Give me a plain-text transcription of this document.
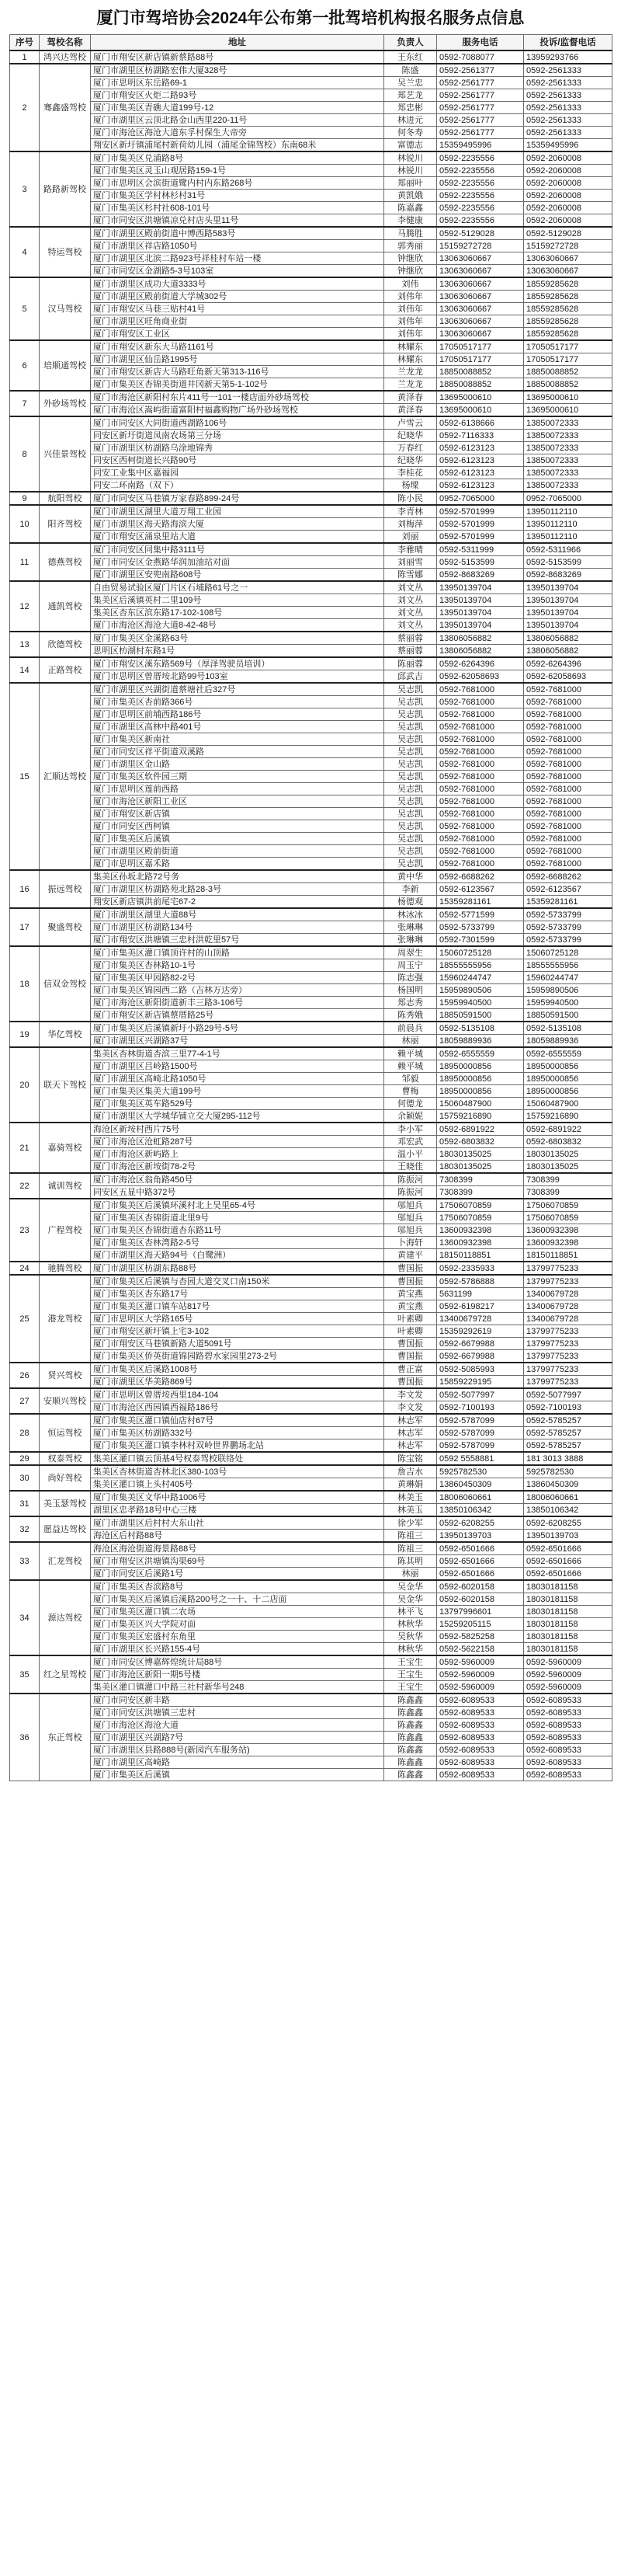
厦门市驾培协会2024年公布第一批驾培机构报名服务点信息
序号	驾校名称	地址	负责人	服务电话	投诉/监督电话
1	鸿兴达驾校	厦门市翔安区新店镇新蔡路88号	王东红	0592-7088077	13959293766
2	骞鑫盛驾校	厦门市湖里区枋湖路宏伟大厦328号	陈盛	0592-2561377	0592-2561333
		厦门市思明区东岳路69-1	吴兰忠	0592-2561777	0592-2561333
		厦门市翔安区火炬二路93号	郑艺龙	0592-2561777	0592-2561333
		厦门市集美区青礁大道199号-12	郑忠彬	0592-2561777	0592-2561333
		厦门市湖里区云顶北路金山西里220-11号	林进元	0592-2561777	0592-2561333
		厦门市海沧区海沧大道东孚村保生大帝旁	何冬寿	0592-2561777	0592-2561333
		翔安区新圩镇浦尾村新荷幼儿园（浦尾金锦驾校）东南68米	富德志	15359495996	15359495996
3	路路新驾校	厦门市集美区兑浦路8号	林锐川	0592-2235556	0592-2060008
		厦门市集美区灵玉山观居路159-1号	林锐川	0592-2235556	0592-2060008
		厦门市思明区会滨街道鹭内村内东路268号	郑丽叶	0592-2235556	0592-2060008
		厦门市集美区学村林杉村31号	黄凯娥	0592-2235556	0592-2060008
		厦门市集美区杉村社608-101号	陈嘉鑫	0592-2235556	0592-2060008
		厦门市同安区洪塘镇凉兑村店头里11号	李健康	0592-2235556	0592-2060008
4	特运驾校	厦门市湖里区殿前街道中博西路583号	马腾胜	0592-5129028	0592-5129028
		厦门市湖里区祥店路1050号	郭秀丽	15159272728	15159272728
		厦门市湖里区北滨二路923号祥桂村车站一楼	钟继欣	13063060667	13063060667
		厦门市同安区金湖路5-3号103室	钟继欣	13063060667	13063060667
5	汉马驾校	厦门市湖里区成功大道3333号	刘伟	13063060667	18559285628
		厦门市湖里区殿前街道大学城302号	刘伟年	13063060667	18559285628
		厦门市翔安区马巷三贴村41号	刘伟年	13063060667	18559285628
		厦门市湖里区旺角商业街	刘伟年	13063060667	18559285628
		厦门市翔安区工业区	刘伟年	13063060667	18559285628
6	培顺通驾校	厦门市翔安区新东大马路1161号	林耀东	17050517177	17050517177
		厦门市湖里区仙岳路1995号	林耀东	17050517177	17050517177
		厦门市翔安区新店大马路旺角新天第313-116号	兰龙龙	18850088852	18850088852
		厦门市集美区杏锦美街道井冈新天第5-1-102号	兰龙龙	18850088852	18850088852
7	外砂场驾校	厦门市海沧区新阳村东片411号一101一楼店面外砂场驾校	黄泽春	13695000610	13695000610
		厦门市海沧区嵩屿街道富阳村福鑫购物广场外砂场驾校	黄泽春	13695000610	13695000610
8	兴佳景驾校	厦门市同安区大同街道西湖路106号	卢雪云	0592-6138666	13850072333
		同安区新圩街道凤南农场第三分场	纪晓华	0592-7116333	13850072333
		厦门市湖里区枋湖路乌涂地锦秀	万春红	0592-6123123	13850072333
		同安区西柯街道长兴路90号	纪晓华	0592-6123123	13850072333
		同安工业集中区嘉福园	李桂花	0592-6123123	13850072333
		同安二环南路（双下）	杨墚	0592-6123123	13850072333
9	航阳驾校	厦门市同安区马巷镇万家春路899-24号	陈小民	0952-7065000	0952-7065000
10	阳齐驾校	厦门市湖里区湖里大道万翔工业园	李青林	0592-5701999	13950112110
		厦门市湖里区海天路海滨大厦	刘梅萍	0592-5701999	13950112110
		厦门市翔安区涌泉里站大道	刘丽	0592-5701999	13950112110
11	德燕驾校	厦门市同安区同集中路3111号	李雅晴	0592-5311999	0592-5311966
		厦门市同安区金燕路华润加油站对面	刘丽雪	0592-5153599	0592-5153599
		厦门市湖里区安兜南路608号	陈雪娜	0592-8683269	0592-8683269
12	通凯驾校	自由贸易试验区厦门片区石埔路61号之一	刘文丛	13950139704	13950139704
		集美区后溪镇英村二里109号	刘文丛	13950139704	13950139704
		集美区杏东区滨东路17-102-108号	刘文丛	13950139704	13950139704
		厦门市海沧区海沧大道8-42-48号	刘文丛	13950139704	13950139704
13	欣德驾校	厦门市集美区金溪路63号	蔡丽蓉	13806056882	13806056882
		思明区枋湖村东路1号	蔡丽蓉	13806056882	13806056882
14	正路驾校	厦门市翔安区溪东路569号（厚泽驾驶员培训）	陈丽蓉	0592-6264396	0592-6264396
		厦门市思明区曾厝垵北路99号103室	邱武吉	0592-62058693	0592-62058693
15	汇顺达驾校	厦门市湖里区兴湖街道蔡塘社后327号	吴志凯	0592-7681000	0592-7681000
		厦门市集美区杏前路366号	吴志凯	0592-7681000	0592-7681000
		厦门市思明区前埔西路186号	吴志凯	0592-7681000	0592-7681000
		厦门市湖里区高林中路401号	吴志凯	0592-7681000	0592-7681000
		厦门市集美区新南社	吴志凯	0592-7681000	0592-7681000
		厦门市同安区祥平街道双溪路	吴志凯	0592-7681000	0592-7681000
		厦门市湖里区金山路	吴志凯	0592-7681000	0592-7681000
		厦门市集美区软件园三期	吴志凯	0592-7681000	0592-7681000
		厦门市思明区莲前西路	吴志凯	0592-7681000	0592-7681000
		厦门市海沧区新阳工业区	吴志凯	0592-7681000	0592-7681000
		厦门市翔安区新店镇	吴志凯	0592-7681000	0592-7681000
		厦门市同安区西柯镇	吴志凯	0592-7681000	0592-7681000
		厦门市集美区后溪镇	吴志凯	0592-7681000	0592-7681000
		厦门市湖里区殿前街道	吴志凯	0592-7681000	0592-7681000
		厦门市思明区嘉禾路	吴志凯	0592-7681000	0592-7681000
16	振远驾校	集美区孙坂北路72号务	黄中华	0592-6688262	0592-6688262
		厦门市湖里区枋湖路苑北路28-3号	李新	0592-6123567	0592-6123567
		翔安区新店镇洪前尾宅67-2	杨德观	15359281161	15359281161
17	聚盛驾校	厦门市湖里区湖里大道88号	林冰冰	0592-5771599	0592-5733799
		厦门市湖里区枋湖路134号	张琳琳	0592-5733799	0592-5733799
		厦门市翔安区洪塘镇三忠村洪乾里57号	张琳琳	0592-7301599	0592-5733799
18	信双金驾校	厦门市集美区灌口镇顶许村的山顶路	周翠生	15060725128	15060725128
		厦门市集美区杏林路10-1号	周玉宁	18555555956	18555555956
		厦门市集美区甲园路82-2号	陈志强	15960244747	15960244747
		厦门市集美区锦园西二路（吉林万达旁）	杨国明	15959890506	15959890506
		厦门市海沧区新阳街道新丰三路3-106号	郑志秀	15959940500	15959940500
		厦门市翔安区新店镇蔡厝路25号	陈秀娥	18850591500	18850591500
19	华亿驾校	厦门市集美区后溪镇新圩小路29号-5号	前晨兵	0592-5135108	0592-5135108
		厦门市湖里区兴湖路37号	林丽	18059889936	18059889936
20	联天下驾校	集美区杏林街道杏滨三里77-4-1号	赖平城	0592-6555559	0592-6555559
		厦门市湖里区吕岭路1500号	赖平城	18950000856	18950000856
		厦门市湖里区高崎北路1050号	邹毅	18950000856	18950000856
		厦门市集美区集美大道199号	曹梅	18950000856	18950000856
		厦门市集美区英车路529号	何德龙	15060487900	15060487900
		厦门市湖里区大学城华铺立交大厦295-112号	余颖妮	15759216890	15759216890
21	嘉骑驾校	海沧区新垵村西片75号	李小军	0592-6891922	0592-6891922
		厦门市海沧区沧虹路287号	邓宏武	0592-6803832	0592-6803832
		厦门市海沧区新屿路上	温小平	18030135025	18030135025
		厦门市海沧区新垵街78-2号	王晓佳	18030135025	18030135025
22	诚训驾校	厦门市海沧区翁角路450号	陈振河	7308399	7308399
		同安区五显中路372号	陈振河	7308399	7308399
23	广程驾校	厦门市集美区后溪镇环溪村北上吴里65-4号	邬旭兵	17506070859	17506070859
		厦门市集美区杏锦街道北里9号	邬旭兵	17506070859	17506070859
		厦门市集美区杏锦街道杏东路11号	邬旭兵	13600932398	13600932398
		厦门市集美区杏林湾路2-5号	卜海轩	13600932398	13600932398
		厦门市湖里区海天路94号（白鹭洲）	黄建平	18150118851	18150118851
24	驰腾驾校	厦门市湖里区枋湖东路88号	曹国振	0592-2335933	13799775233
25	港龙驾校	厦门市集美区后溪镇与杏园大道交叉口南150米	曹国振	0592-5786888	13799775233
		厦门市集美区杏东路17号	黄宝燕	5631199	13400679728
		厦门市集美区灌口镇车站817号	黄宝燕	0592-6198217	13400679728
		厦门市思明区大学路165号	叶素卿	13400679728	13400679728
		厦门市翔安区新圩镇上宅3-102	叶素卿	15359292619	13799775233
		厦门市翔安区马巷镇新路大道5091号	曹国振	0592-6679988	13799775233
		厦门市集美区侨英街道锦园路碧水家园里273-2号	曹国振	0592-6679988	13799775233
26	贤兴驾校	厦门市集美区后溪路1008号	曹正富	0592-5085993	13799775233
		厦门市湖里区华美路869号	曹国振	15859229195	13799775233
27	安顺兴驾校	厦门市思明区曾厝垵西里184-104	李文发	0592-5077997	0592-5077997
		厦门市海沧区西园镇西福路186号	李文发	0592-7100193	0592-7100193
28	恒运驾校	厦门市集美区灌口镇仙店村67号	林志军	0592-5787099	0592-5785257
		厦门市集美区枋湖路332号	林志军	0592-5787099	0592-5785257
		厦门市集美区灌口镇李林村双岭世界鹏场北站	林志军	0592-5787099	0592-5785257
29	权泰驾校	集美区灌口镇云顶基4号权泰驾校联络处	陈宝铭	0592 5558881	181 3013 3888
30	尚好驾校	集美区杏林街道杏林北区380-103号	詹吉水	5925782530	5925782530
		集美区灌口镇上头村405号	黄琳娟	13860450309	13860450309
31	美玉瑟驾校	厦门市集美区文华中路1006号	林美玉	18006060661	18006060661
		湖里区忠孝路18号中心三楼	林美玉	13850106342	13850106342
32	愿益达驾校	厦门市湖里区后村村大东山社	徐少军	0592-6208255	0592-6208255
		海沧区后村路88号	陈祖三	13950139703	13950139703
33	汇龙驾校	海沧区海沧街道海景路88号	陈祖三	0592-6501666	0592-6501666
		厦门市翔安区洪塘镇沟渠69号	陈其明	0592-6501666	0592-6501666
		厦门市同安区后溪路1号	林丽	0592-6501666	0592-6501666
34	源达驾校	厦门市集美区杏滨路8号	吴金华	0592-6020158	18030181158
		厦门市集美区后溪镇后溪路200号之一十、十二店面	吴金华	0592-6020158	18030181158
		厦门市集美区灌口镇二农场	林平飞	13797996601	18030181158
		厦门市集美区兴大学院对面	林秋华	15259205115	18030181158
		厦门市集美区宏盛村东角里	吴秋华	0592-5825258	18030181158
		厦门市湖里区长兴路155-4号	林秋华	0592-5622158	18030181158
35	红之星驾校	厦门市同安区博嘉辉煌统计局88号	王宝生	0592-5960009	0592-5960009
		厦门市海沧区新阳一期5号楼	王宝生	0592-5960009	0592-5960009
		集美区灌口镇灌口中路三社村新华号248	王宝生	0592-5960009	0592-5960009
36	东正驾校	厦门市同安区新丰路	陈鑫鑫	0592-6089533	0592-6089533
		厦门市同安区洪塘镇三忠村	陈鑫鑫	0592-6089533	0592-6089533
		厦门市海沧区海沧大道	陈鑫鑫	0592-6089533	0592-6089533
		厦门市湖里区兴湖路7号	陈鑫鑫	0592-6089533	0592-6089533
		厦门市湖里区县路888号(新园汽车服务站)	陈鑫鑫	0592-6089533	0592-6089533
		厦门市湖里区高崎路	陈鑫鑫	0592-6089533	0592-6089533
		厦门市集美区后溪镇	陈鑫鑫	0592-6089533	0592-6089533
